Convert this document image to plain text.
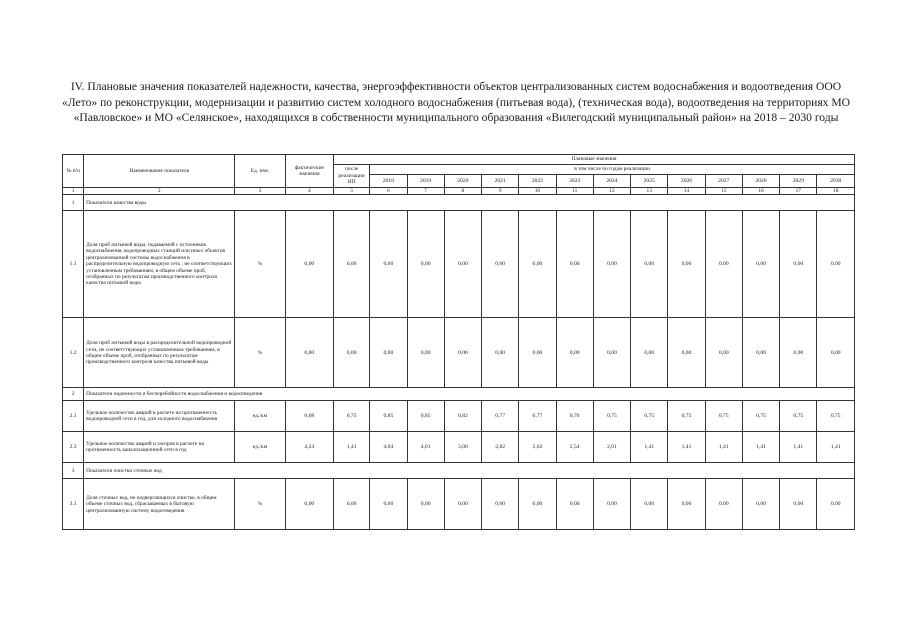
IV. Плановые значения показателей надежности, качества, энергоэффективности объектов централизованных систем водоснабжения и водоотведения ООО «Лето» по реконструкции, модернизации и развитию систем холодного водоснабжения (питьевая вода), (техническая вода), водоотведения на территориях МО «Павловское» и МО «Селянское», находящихся в собственности муниципального образования «Вилегодский муниципальный район» на 2018 – 2030 годы
№ п/п	Наименование показателя	Ед. изм.	фактические значения	Плановые значения													
				после реализации ИП	в том числе по годам реализации												
					2018	2019	2020	2021	2022	2023	2024	2025	2026	2027	2028	2029	2030
1	2	3	4	5	6	7	8	9	10	11	12	13	14	15	16	17	18
1	Показатели качества воды																
1.1	Доля проб питьевой воды, подаваемой с источников водоснабжения, водопроводных станций или иных объектов централизованной системы водоснабжения в распределительную водопроводную сеть , не соответствующих установленным требованиям, в общем объеме проб, отобранных по результатам производственного контроля качества питьевой воды	%	0,00	0,00	0,00	0,00	0,00	0,00	0,00	0,00	0,00	0,00	0,00	0,00	0,00	0,00	0,00
1.2	Доля проб питьевой воды в распределительной водопроводной сети, не соответствующих установленным требованиям, в общем объеме проб, отобранных по результатам производственного контроля качества питьевой воды	%	0,00	0,00	0,00	0,00	0,00	0,00	0,00	0,00	0,00	0,00	0,00	0,00	0,00	0,00	0,00
2	Показатели надежности и бесперебойности водоснабжения и водоотведения																
2.1	Удельное количество аварий в расчете на протяженность водопроводной сети в год, для холодного водоснабжения	ед./км	0,68	0,75	0,85	0,85	0,82	0,77	0,77	0,76	0,75	0,75	0,75	0,75	0,75	0,75	0,75
2.3	Удельное количество аварий и засоров в расчете на протяженность канализационной сети в год	ед./км	4,24	1,41	4,04	4,01	3,00	2,82	2,62	2,54	2,01	1,41	1,41	1,41	1,41	1,41	1,41
3	Показатели очистки сточных вод																
3.1	Доля сточных вод, не подвергающихся очистке, в общем объеме сточных вод, сбрасываемых в бытовую централизованную систему водоотведения	%	0,00	0,00	0,00	0,00	0,00	0,00	0,00	0,00	0,00	0,00	0,00	0,00	0,00	0,00	0,00
